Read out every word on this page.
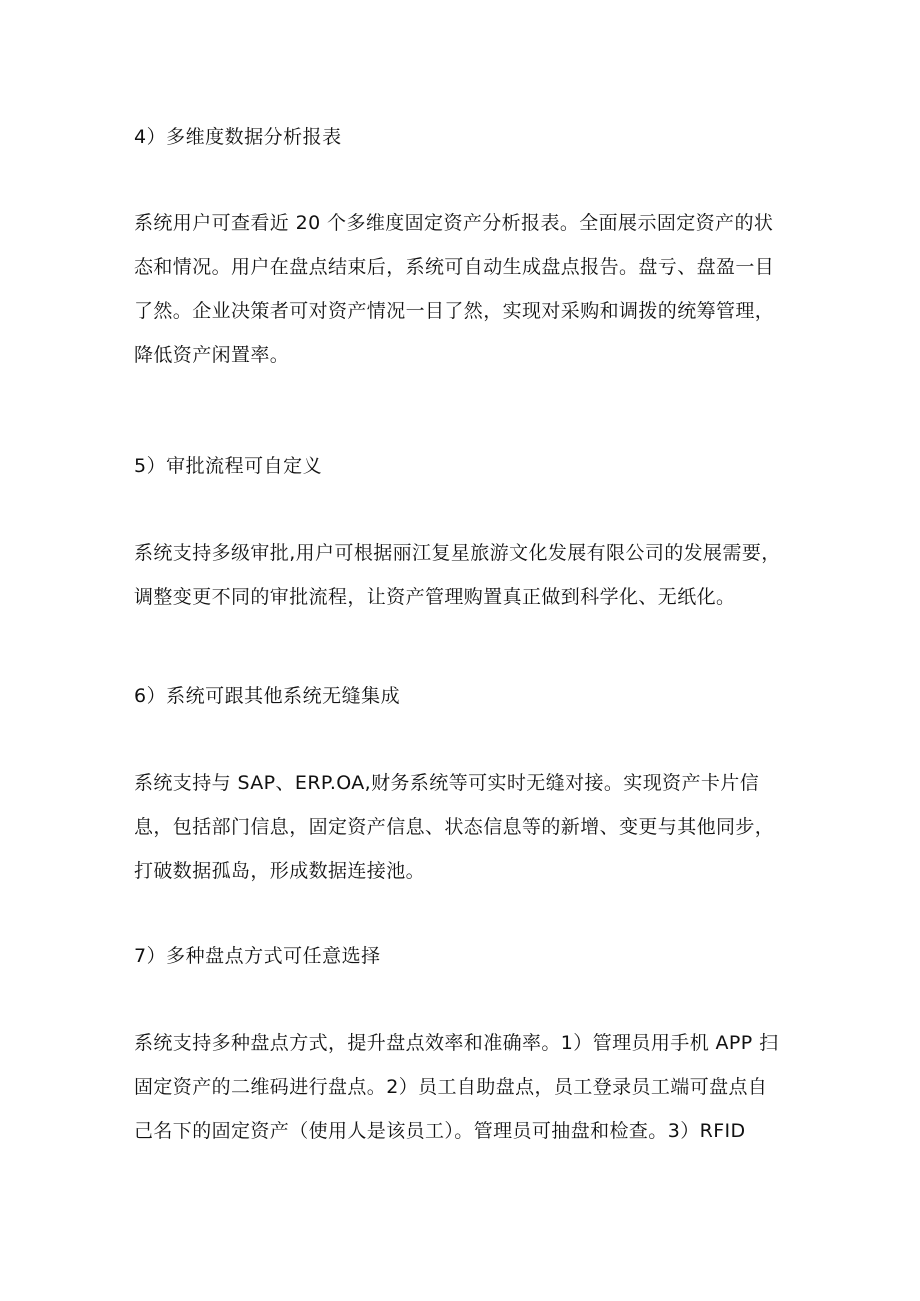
4）多维度数据分析报表
系统用户可查看近 20 个多维度固定资产分析报表。全面展示固定资产的状
态和情况。用户在盘点结束后，系统可自动生成盘点报告。盘亏、盘盈一目
了然。企业决策者可对资产情况一目了然，实现对采购和调拨的统筹管理，
降低资产闲置率。
5）审批流程可自定义
系统支持多级审批,用户可根据丽江复星旅游文化发展有限公司的发展需要，
调整变更不同的审批流程，让资产管理购置真正做到科学化、无纸化。
6）系统可跟其他系统无缝集成
系统支持与 SAP、ERP.OA,财务系统等可实时无缝对接。实现资产卡片信
息，包括部门信息，固定资产信息、状态信息等的新增、变更与其他同步，
打破数据孤岛，形成数据连接池。
7）多种盘点方式可任意选择
系统支持多种盘点方式，提升盘点效率和准确率。1）管理员用手机 APP 扫
固定资产的二维码进行盘点。2）员工自助盘点，员工登录员工端可盘点自
己名下的固定资产（使用人是该员工）。管理员可抽盘和检查。3）RFID
